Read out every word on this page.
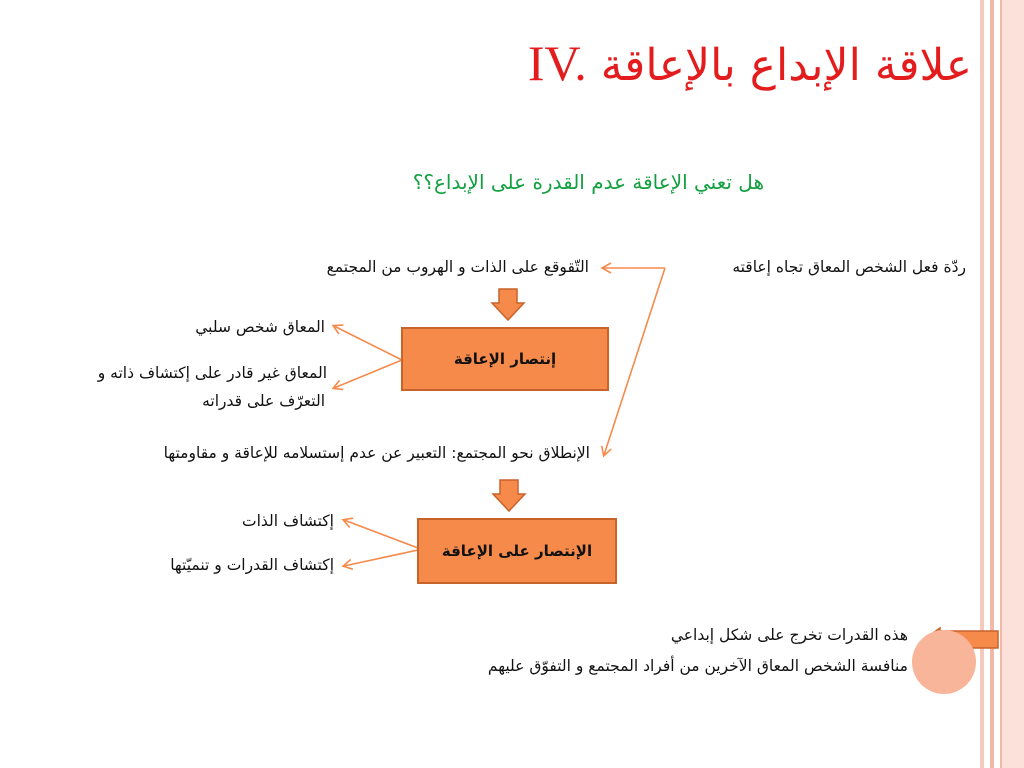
علاقة الإبداع بالإعاقة IV.
هل تعني الإعاقة عدم القدرة على الإبداع؟؟
ردّة فعل الشخص المعاق تجاه إعاقته
التّقوقع على الذات و الهروب من المجتمع
إنتصار الإعاقة
المعاق شخص سلبي
المعاق غير قادر على إكتشاف ذاته و
التعرّف على قدراته
الإنطلاق نحو المجتمع: التعبير عن عدم إستسلامه للإعاقة و مقاومتها
الإنتصار على الإعاقة
إكتشاف الذات
إكتشاف القدرات و تنميّتها
هذه القدرات تخرج على شكل إبداعي
منافسة الشخص المعاق الآخرين من أفراد المجتمع و التفوّق عليهم
